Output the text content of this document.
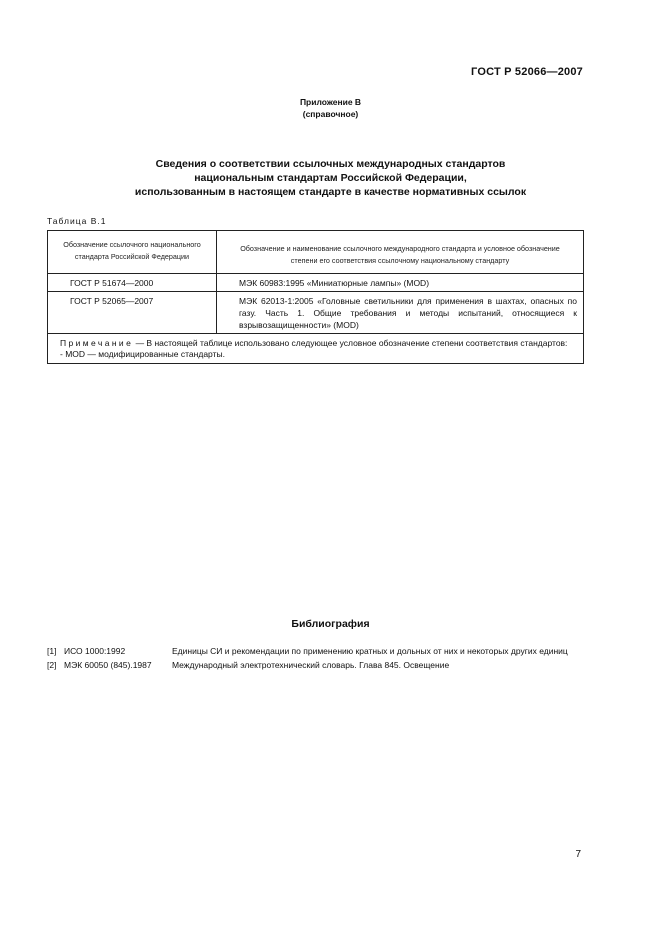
ГОСТ Р 52066—2007
Приложение В
(справочное)
Сведения о соответствии ссылочных международных стандартов
национальным стандартам Российской Федерации,
использованным в настоящем стандарте в качестве нормативных ссылок
Таблица В.1
Обозначение ссылочного национального стандарта Российской Федерации	Обозначение и наименование ссылочного международного стандарта и условное обозначение степени его соответствия ссылочному национальному стандарту
ГОСТ Р 51674—2000	МЭК 60983:1995 «Миниатюрные лампы» (MOD)
ГОСТ Р 52065—2007	МЭК 62013-1:2005 «Головные светильники для применения в шахтах, опасных по газу. Часть 1. Общие требования и методы испытаний, относящиеся к взрывозащищенности» (MOD)
Примечание — В настоящей таблице использовано следующее условное обозначение степени соответствия стандартов:
- MOD — модифицированные стандарты.	
Библиография
[1] ИСО 1000:1992	Единицы СИ и рекомендации по применению кратных и дольных от них и некоторых других единиц
[2] МЭК 60050 (845).1987	Международный электротехнический словарь. Глава 845. Освещение
7
